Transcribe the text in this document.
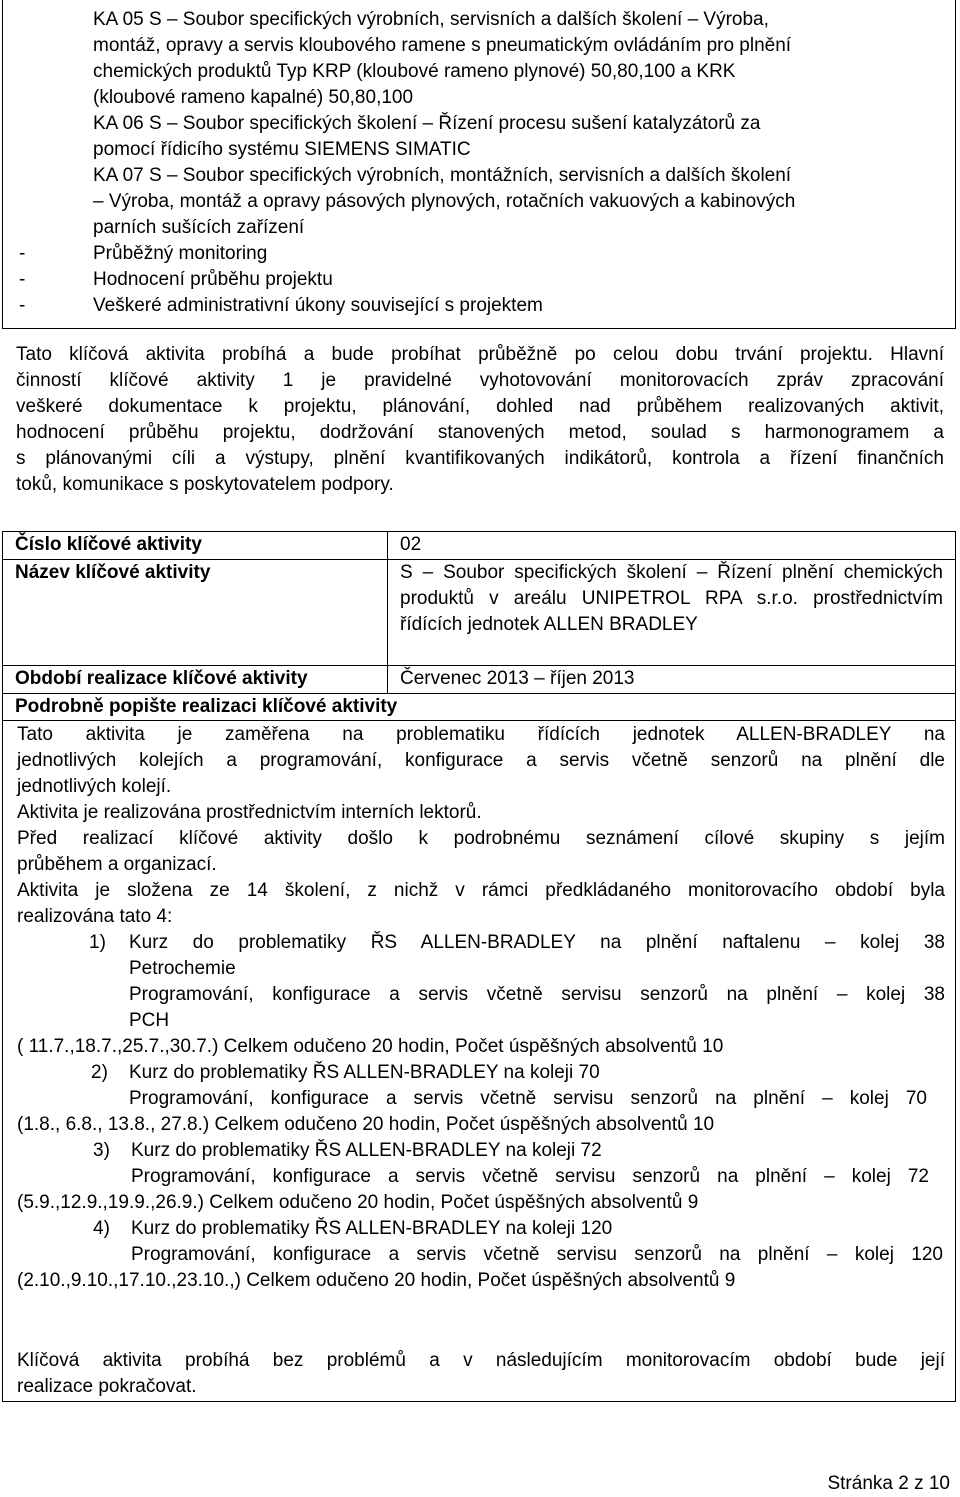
KA 05 S – Soubor specifických výrobních, servisních a dalších školení – Výroba,

montáž, opravy a servis kloubového ramene s pneumatickým ovládáním pro plnění

chemických produktů Typ KRP (kloubové rameno plynové) 50,80,100 a KRK

(kloubové rameno kapalné) 50,80,100

KA 06 S – Soubor specifických školení – Řízení procesu sušení katalyzátorů za

pomocí řídicího systému SIEMENS SIMATIC

KA 07 S – Soubor specifických výrobních, montážních, servisních a dalších školení

– Výroba, montáž a opravy pásových plynových, rotačních vakuových a kabinových

parních sušících zařízení

-	Průběžný monitoring
-	Hodnocení průběhu projektu
-	Veškeré administrativní úkony související s projektem
Tato klíčová aktivita probíhá a bude probíhat průběžně po celou dobu trvání projektu. Hlavní
činností klíčové aktivity 1 je pravidelné vyhotovování monitorovacích zpráv zpracování
veškeré dokumentace k projektu, plánování, dohled nad průběhem realizovaných aktivit,
hodnocení průběhu projektu, dodržování stanovených metod, soulad s harmonogramem a
s plánovanými cíli a výstupy, plnění kvantifikovaných indikátorů, kontrola a řízení finančních
toků, komunikace s poskytovatelem podpory.
Číslo klíčové aktivity	02
Název klíčové aktivity	S – Soubor specifických školení – Řízení plnění chemických produktů v areálu UNIPETROL RPA s.r.o. prostřednictvím řídících jednotek ALLEN BRADLEY
Období realizace klíčové aktivity	Červenec 2013 – říjen 2013
Podrobně popište realizaci klíčové aktivity	

Tato aktivita je zaměřena na problematiku řídících jednotek ALLEN-BRADLEY na

jednotlivých kolejích a programování, konfigurace a servis včetně senzorů na plnění dle

jednotlivých kolejí.

Aktivita je realizována prostřednictvím interních lektorů.

Před realizací klíčové aktivity došlo k podrobnému seznámení cílové skupiny s jejím

průběhem a organizací.

Aktivita je složena ze 14 školení, z nichž v rámci předkládaného monitorovacího období byla

realizována tato 4:

1) Kurz do problematiky ŘS ALLEN-BRADLEY na plnění naftalenu – kolej 38
Petrochemie
Programování, konfigurace a servis včetně servisu senzorů na plnění – kolej 38
PCH
( 11.7.,18.7.,25.7.,30.7.) Celkem odučeno 20 hodin, Počet úspěšných absolventů 10
2) Kurz do problematiky ŘS ALLEN-BRADLEY na koleji 70
Programování, konfigurace a servis včetně servisu senzorů na plnění – kolej 70
(1.8., 6.8., 13.8., 27.8.) Celkem odučeno 20 hodin, Počet úspěšných absolventů 10
3) Kurz do problematiky ŘS ALLEN-BRADLEY na koleji 72
Programování, konfigurace a servis včetně servisu senzorů na plnění – kolej 72
(5.9.,12.9.,19.9.,26.9.) Celkem odučeno 20 hodin, Počet úspěšných absolventů 9
4) Kurz do problematiky ŘS ALLEN-BRADLEY na koleji 120
Programování, konfigurace a servis včetně servisu senzorů na plnění – kolej 120
(2.10.,9.10.,17.10.,23.10.,) Celkem odučeno 20 hodin, Počet úspěšných absolventů 9

Klíčová aktivita probíhá bez problémů a v následujícím monitorovacím období bude její

realizace pokračovat.

Stránka 2 z 10
